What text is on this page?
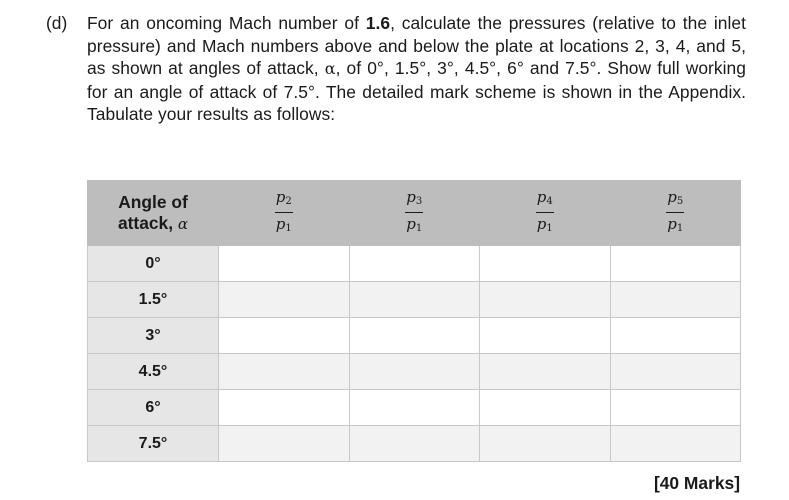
(d) For an oncoming Mach number of 1.6, calculate the pressures (relative to the inlet pressure) and Mach numbers above and below the plate at locations 2, 3, 4, and 5, as shown at angles of attack, α, of 0°, 1.5°, 3°, 4.5°, 6° and 7.5°. Show full working for an angle of attack of 7.5°. The detailed mark scheme is shown in the Appendix. Tabulate your results as follows:
Angle of
attack, α	$\frac{p_2}{p_1}$	$\frac{p_3}{p_1}$	$\frac{p_4}{p_1}$	$\frac{p_5}{p_1}$

0°				
1.5°				
3°				
4.5°				
6°				
7.5°				
[40 Marks]
